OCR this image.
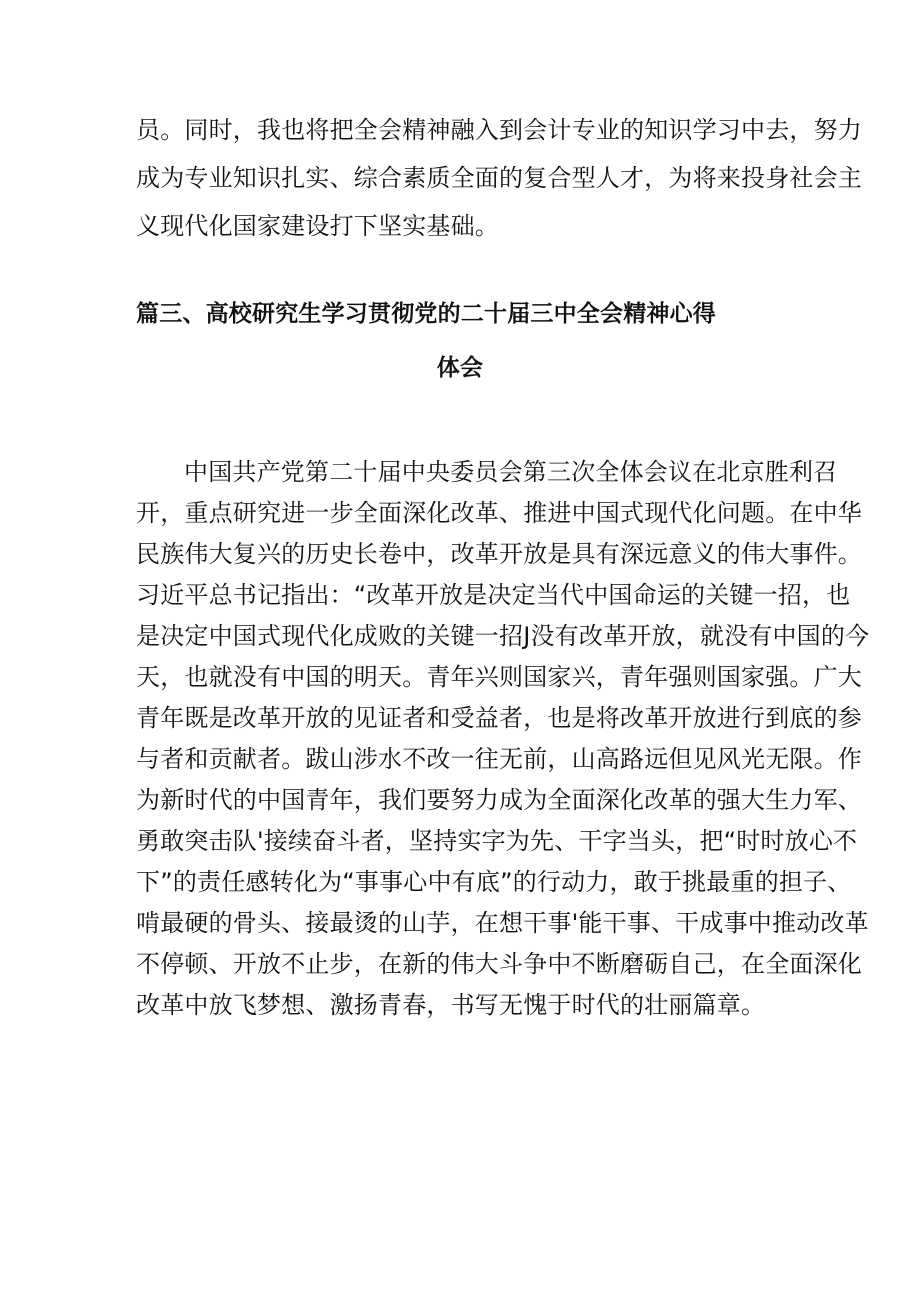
员。同时，我也将把全会精神融入到会计专业的知识学习中去，努力
成为专业知识扎实、综合素质全面的复合型人才，为将来投身社会主
义现代化国家建设打下坚实基础。
篇三、高校研究生学习贯彻党的二十届三中全会精神心得
体会
中国共产党第二十届中央委员会第三次全体会议在北京胜利召
开，重点研究进一步全面深化改革、推进中国式现代化问题。在中华
民族伟大复兴的历史长卷中，改革开放是具有深远意义的伟大事件。
习近平总书记指出：“改革开放是决定当代中国命运的关键一招，也
是决定中国式现代化成败的关键一招J没有改革开放，就没有中国的今
天，也就没有中国的明天。青年兴则国家兴，青年强则国家强。广大
青年既是改革开放的见证者和受益者，也是将改革开放进行到底的参
与者和贡献者。跋山涉水不改一往无前，山高路远但见风光无限。作
为新时代的中国青年，我们要努力成为全面深化改革的强大生力军、
勇敢突击队'接续奋斗者，坚持实字为先、干字当头，把“时时放心不
下”的责任感转化为“事事心中有底”的行动力，敢于挑最重的担子、
啃最硬的骨头、接最烫的山芋，在想干事'能干事、干成事中推动改革
不停顿、开放不止步，在新的伟大斗争中不断磨砺自己，在全面深化
改革中放飞梦想、激扬青春，书写无愧于时代的壮丽篇章。
